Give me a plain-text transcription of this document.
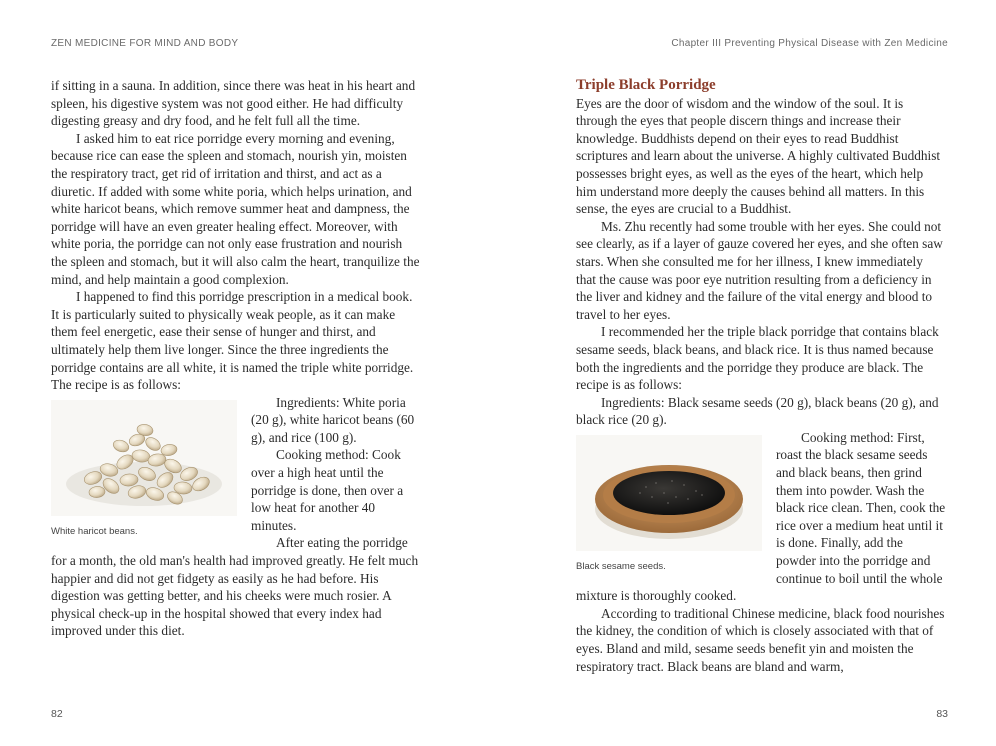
ZEN MEDICINE FOR MIND AND BODY

if sitting in a sauna. In addition, since there was heat in his heart and spleen, his digestive system was not good either. He had difficulty digesting greasy and dry food, and he felt full all the time.

I asked him to eat rice porridge every morning and evening, because rice can ease the spleen and stomach, nourish yin, moisten the respiratory tract, get rid of irritation and thirst, and act as a diuretic. If added with some white poria, which helps urination, and white haricot beans, which remove summer heat and dampness, the porridge will have an even greater healing effect. Moreover, with white poria, the porridge can not only ease frustration and nourish the spleen and stomach, but it will also calm the heart, tranquilize the mind, and help maintain a good complexion.

I happened to find this porridge prescription in a medical book. It is particularly suited to physically weak people, as it can make them feel energetic, ease their sense of hunger and thirst, and ultimately help them live longer. Since the three ingredients the porridge contains are all white, it is named the triple white porridge. The recipe is as follows:

White haricot beans.

Ingredients: White poria (20 g), white haricot beans (60 g), and rice (100 g).

Cooking method: Cook over a high heat until the porridge is done, then over a low heat for another 40 minutes.

After eating the porridge for a month, the old man's health had improved greatly. He felt much happier and did not get fidgety as easily as he had before. His digestion was getting better, and his cheeks were much rosier. A physical check-up in the hospital showed that every index had improved under this diet.

82
Chapter III Preventing Physical Disease with Zen Medicine
Triple Black Porridge

Eyes are the door of wisdom and the window of the soul. It is through the eyes that people discern things and increase their knowledge. Buddhists depend on their eyes to read Buddhist scriptures and learn about the universe. A highly cultivated Buddhist possesses bright eyes, as well as the eyes of the heart, which help him understand more deeply the causes behind all matters. In this sense, the eyes are crucial to a Buddhist.

Ms. Zhu recently had some trouble with her eyes. She could not see clearly, as if a layer of gauze covered her eyes, and she often saw stars. When she consulted me for her illness, I knew immediately that the cause was poor eye nutrition resulting from a deficiency in the liver and kidney and the failure of the vital energy and blood to travel to her eyes.

I recommended her the triple black porridge that contains black sesame seeds, black beans, and black rice. It is thus named because both the ingredients and the porridge they produce are black. The recipe is as follows:

Ingredients: Black sesame seeds (20 g), black beans (20 g), and black rice (20 g).

Black sesame seeds.

Cooking method: First, roast the black sesame seeds and black beans, then grind them into powder. Wash the black rice clean. Then, cook the rice over a medium heat until it is done. Finally, add the powder into the porridge and continue to boil until the whole mixture is thoroughly cooked.

According to traditional Chinese medicine, black food nourishes the kidney, the condition of which is closely associated with that of eyes. Bland and mild, sesame seeds benefit yin and moisten the respiratory tract. Black beans are bland and warm,

83
